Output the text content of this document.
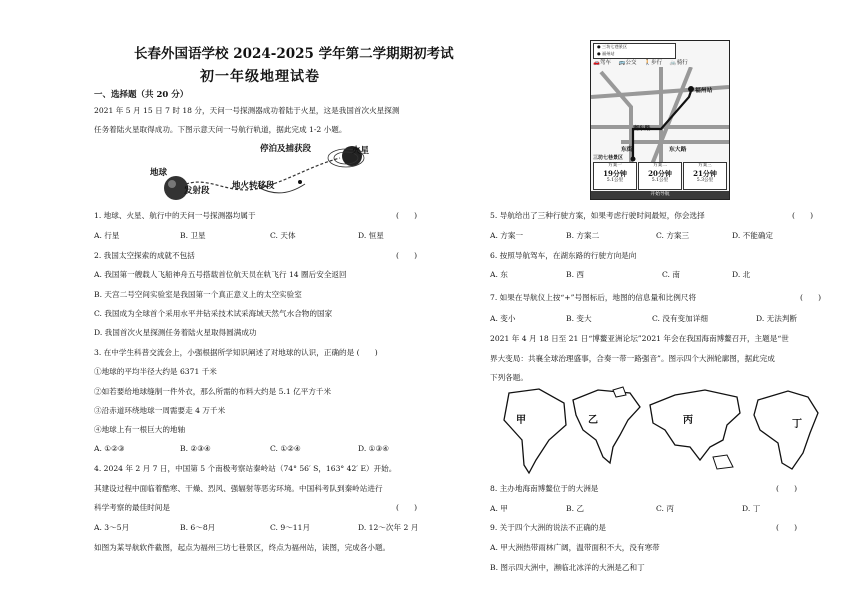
长春外国语学校 2024-2025 学年第二学期期初考试
初一年级地理试卷
一、选择题（共 20 分）
2021 年 5 月 15 日 7 时 18 分，天问一号探测器成功着陆于火星，这是我国首次火星探测
任务着陆火星取得成功。下图示意天问一号航行轨道，据此完成 1-2 小题。
地球
发射段	地火转移段
停泊及捕获段	火星
1. 地球、火星、航行中的天问一号探测器均属于	(　　)
A. 行星	B. 卫星	C. 天体	D. 恒星
2. 我国太空探索的成就不包括	(　　)
A. 我国第一艘载人飞船神舟五号搭载首位航天员在轨飞行 14 圈后安全返回
B. 天宫二号空间实验室是我国第一个真正意义上的太空实验室
C. 我国成为全球首个采用水平井钻采技术试采海域天然气水合物的国家
D. 我国首次火星探测任务着陆火星取得圆满成功
3. 在中学生科普交流会上，小强根据所学知识阐述了对地球的认识，正确的是 (　　)
①地球的平均半径大约是 6371 千米
②如若要给地球缝制一件外衣，那么所需的布料大约是 5.1 亿平方千米
③沿赤道环绕地球一周需要走 4 万千米
④地球上有一根巨大的地轴
A. ①②③	B. ②③④	C. ①②④	D. ①③④
4. 2024 年 2 月 7 日，中国第 5 个南极考察站秦岭站（74° 56′ S，163° 42′ E）开始。
其建设过程中面临着酷寒、干燥、烈风、强辐射等恶劣环境。中国科考队到秦岭站进行
科学考察的最佳时间是	(　　)
A. 3～5月	B. 6～8月	C. 9～11月	D. 12～次年 2 月
如图为某导航软件截图，起点为福州三坊七巷景区，终点为福州站，读图，完成各小题。
● 三坊七巷景区
● 福州站
🚗驾车 🚌公交 🚶步行 🚲骑行
福州站
湖东路
东街	东大路
三坊七巷景区
方案一
19分钟
5.1公里
方案二
20分钟
5.1公里
方案三
21分钟
5.3公里
开始导航
5. 导航给出了三种行驶方案，如果考虑行驶时间最短，你会选择	(　　)
A. 方案一	B. 方案二	C. 方案三	D. 不能确定
6. 按照导航驾车，在湖东路的行驶方向是向
A. 东	B. 西	C. 南	D. 北
7. 如果在导航仪上按“+”号图标后，地图的信息量和比例尺将	(　　)
A. 变小	B. 变大	C. 没有变加详细	D. 无法判断
2021 年 4 月 18 日至 21 日“博鳌亚洲论坛”2021 年会在我国海南博鳌召开，主题是“世
界大变局：共襄全球治理盛事，合奏一带一路强音”。图示四个大洲轮廓图，据此完成
下列各题。
甲	乙	丙	丁
8. 主办地海南博鳌位于的大洲是	(　　)
A. 甲	B. 乙	C. 丙	D. 丁
9. 关于四个大洲的说法不正确的是	(　　)
A. 甲大洲热带雨林广阔，温带面积不大，没有寒带
B. 图示四大洲中，濒临北冰洋的大洲是乙和丁
